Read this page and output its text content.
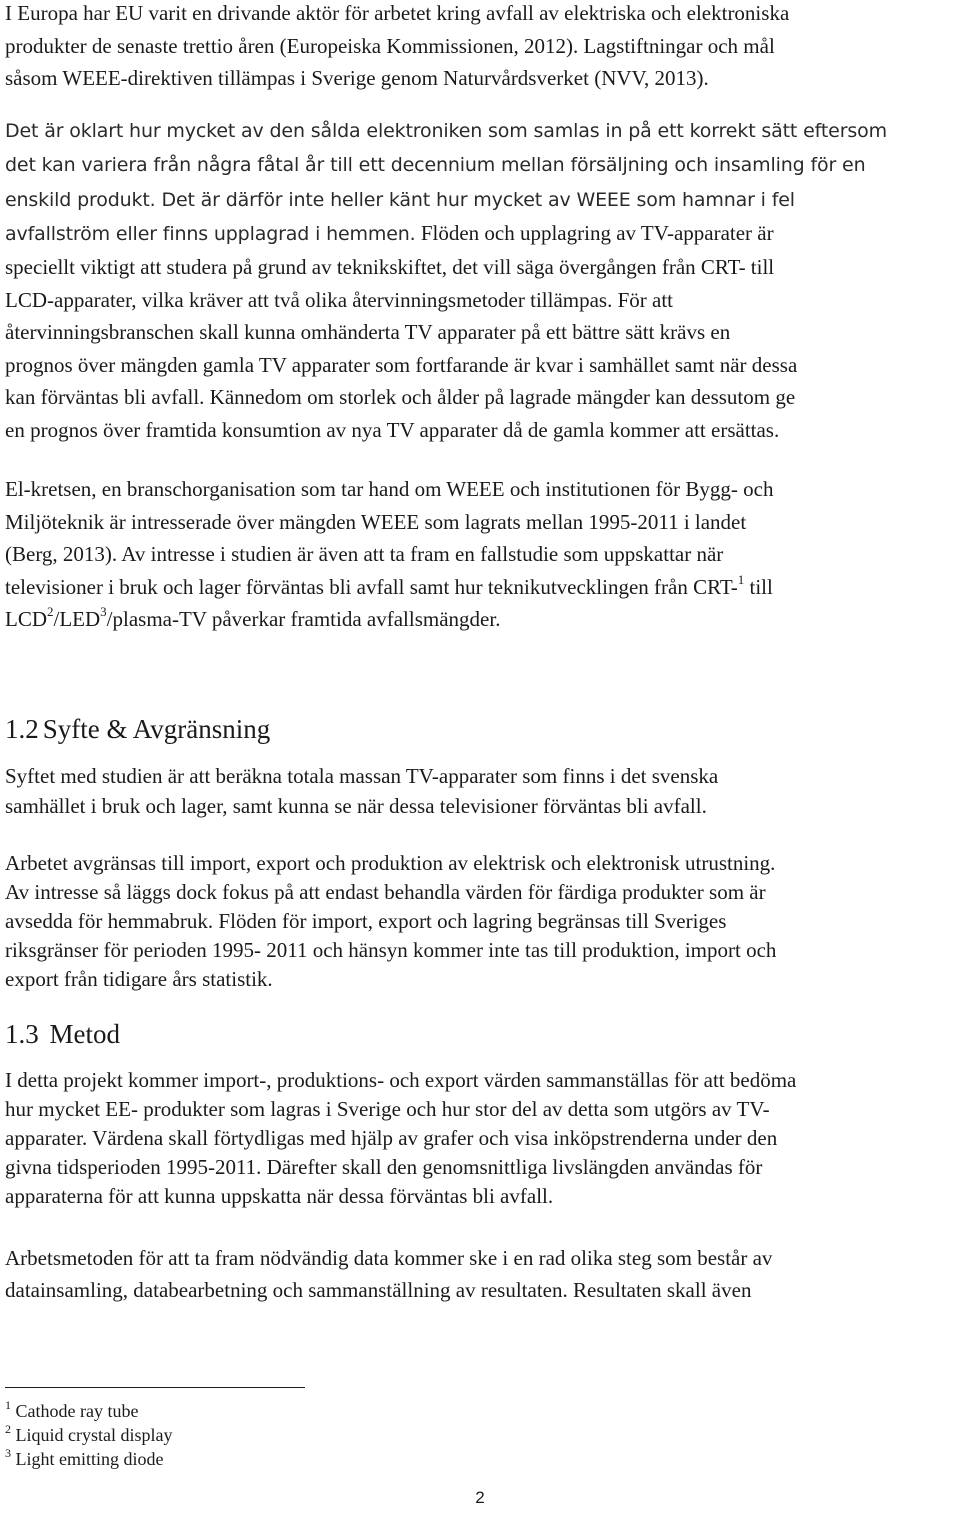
I Europa har EU varit en drivande aktör för arbetet kring avfall av elektriska och elektroniska
produkter de senaste trettio åren (Europeiska Kommissionen, 2012). Lagstiftningar och mål
såsom WEEE-direktiven tillämpas i Sverige genom Naturvårdsverket (NVV, 2013).
Det är oklart hur mycket av den sålda elektroniken som samlas in på ett korrekt sätt eftersom
det kan variera från några fåtal år till ett decennium mellan försäljning och insamling för en
enskild produkt. Det är därför inte heller känt hur mycket av WEEE som hamnar i fel
avfallström eller finns upplagrad i hemmen. Flöden och upplagring av TV-apparater är
speciellt viktigt att studera på grund av teknikskiftet, det vill säga övergången från CRT- till
LCD-apparater, vilka kräver att två olika återvinningsmetoder tillämpas. För att
återvinningsbranschen skall kunna omhänderta TV apparater på ett bättre sätt krävs en
prognos över mängden gamla TV apparater som fortfarande är kvar i samhället samt när dessa
kan förväntas bli avfall. Kännedom om storlek och ålder på lagrade mängder kan dessutom ge
en prognos över framtida konsumtion av nya TV apparater då de gamla kommer att ersättas.
El-kretsen, en branschorganisation som tar hand om WEEE och institutionen för Bygg- och
Miljöteknik är intresserade över mängden WEEE som lagrats mellan 1995-2011 i landet
(Berg, 2013). Av intresse i studien är även att ta fram en fallstudie som uppskattar när
televisioner i bruk och lager förväntas bli avfall samt hur teknikutvecklingen från CRT-$^1$ till
LCD$^2$/LED$^3$/plasma-TV påverkar framtida avfallsmängder.
1.2 Syfte & Avgränsning
Syftet med studien är att beräkna totala massan TV-apparater som finns i det svenska
samhället i bruk och lager, samt kunna se när dessa televisioner förväntas bli avfall.
Arbetet avgränsas till import, export och produktion av elektrisk och elektronisk utrustning.
Av intresse så läggs dock fokus på att endast behandla värden för färdiga produkter som är
avsedda för hemmabruk. Flöden för import, export och lagring begränsas till Sveriges
riksgränser för perioden 1995- 2011 och hänsyn kommer inte tas till produktion, import och
export från tidigare års statistik.
1.3 Metod
I detta projekt kommer import-, produktions- och export värden sammanställas för att bedöma
hur mycket EE- produkter som lagras i Sverige och hur stor del av detta som utgörs av TV-
apparater. Värdena skall förtydligas med hjälp av grafer och visa inköpstrenderna under den
givna tidsperioden 1995-2011. Därefter skall den genomsnittliga livslängden användas för
apparaterna för att kunna uppskatta när dessa förväntas bli avfall.
Arbetsmetoden för att ta fram nödvändig data kommer ske i en rad olika steg som består av
datainsamling, databearbetning och sammanställning av resultaten. Resultaten skall även
$^1$ Cathode ray tube
$^2$ Liquid crystal display
$^3$ Light emitting diode
2
